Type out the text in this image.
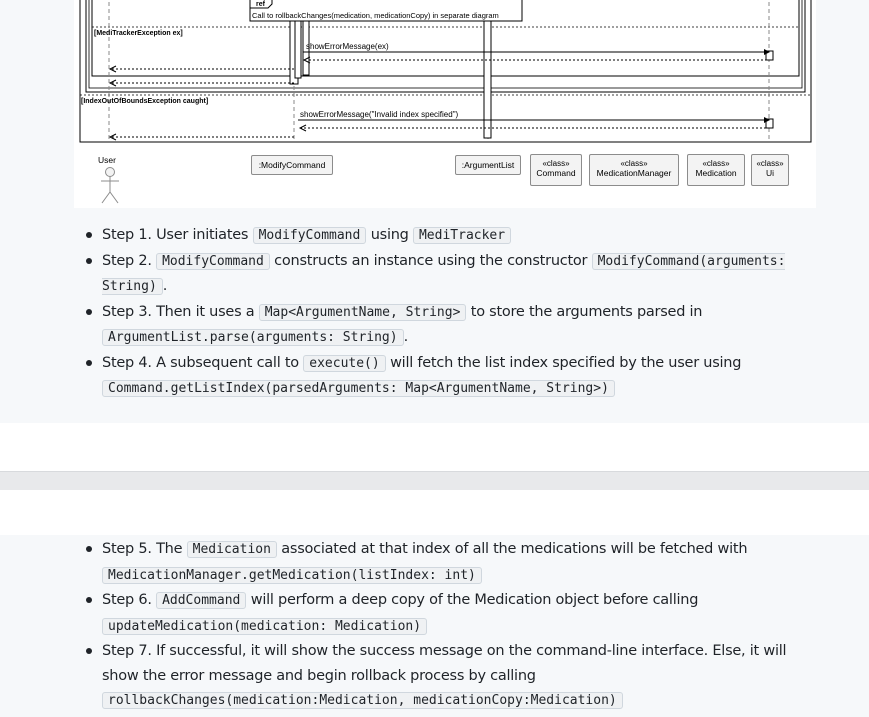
ref
Call to rollbackChanges(medication, medicationCopy) in separate diagram
[MediTrackerException ex]
[IndexOutOfBoundsException caught]
showErrorMessage(ex)
showErrorMessage("Invalid index specified")
User	:ModifyCommand	:ArgumentList	«class»
Command
«class»
MedicationManager
«class»
Medication
«class»
Ui
Step 1. User initiates ModifyCommand using MediTracker
Step 2. ModifyCommand constructs an instance using the constructor ModifyCommand(arguments: String) .
Step 3. Then it uses a Map<ArgumentName, String> to store the arguments parsed in ArgumentList.parse(arguments: String) .
Step 4. A subsequent call to execute() will fetch the list index specified by the user using Command.getListIndex(parsedArguments: Map<ArgumentName, String>)
Step 5. The Medication associated at that index of all the medications will be fetched with MedicationManager.getMedication(listIndex: int)
Step 6. AddCommand will perform a deep copy of the Medication object before calling updateMedication(medication: Medication)
Step 7. If successful, it will show the success message on the command-line interface. Else, it will show the error message and begin rollback process by calling rollbackChanges(medication:Medication, medicationCopy:Medication)
